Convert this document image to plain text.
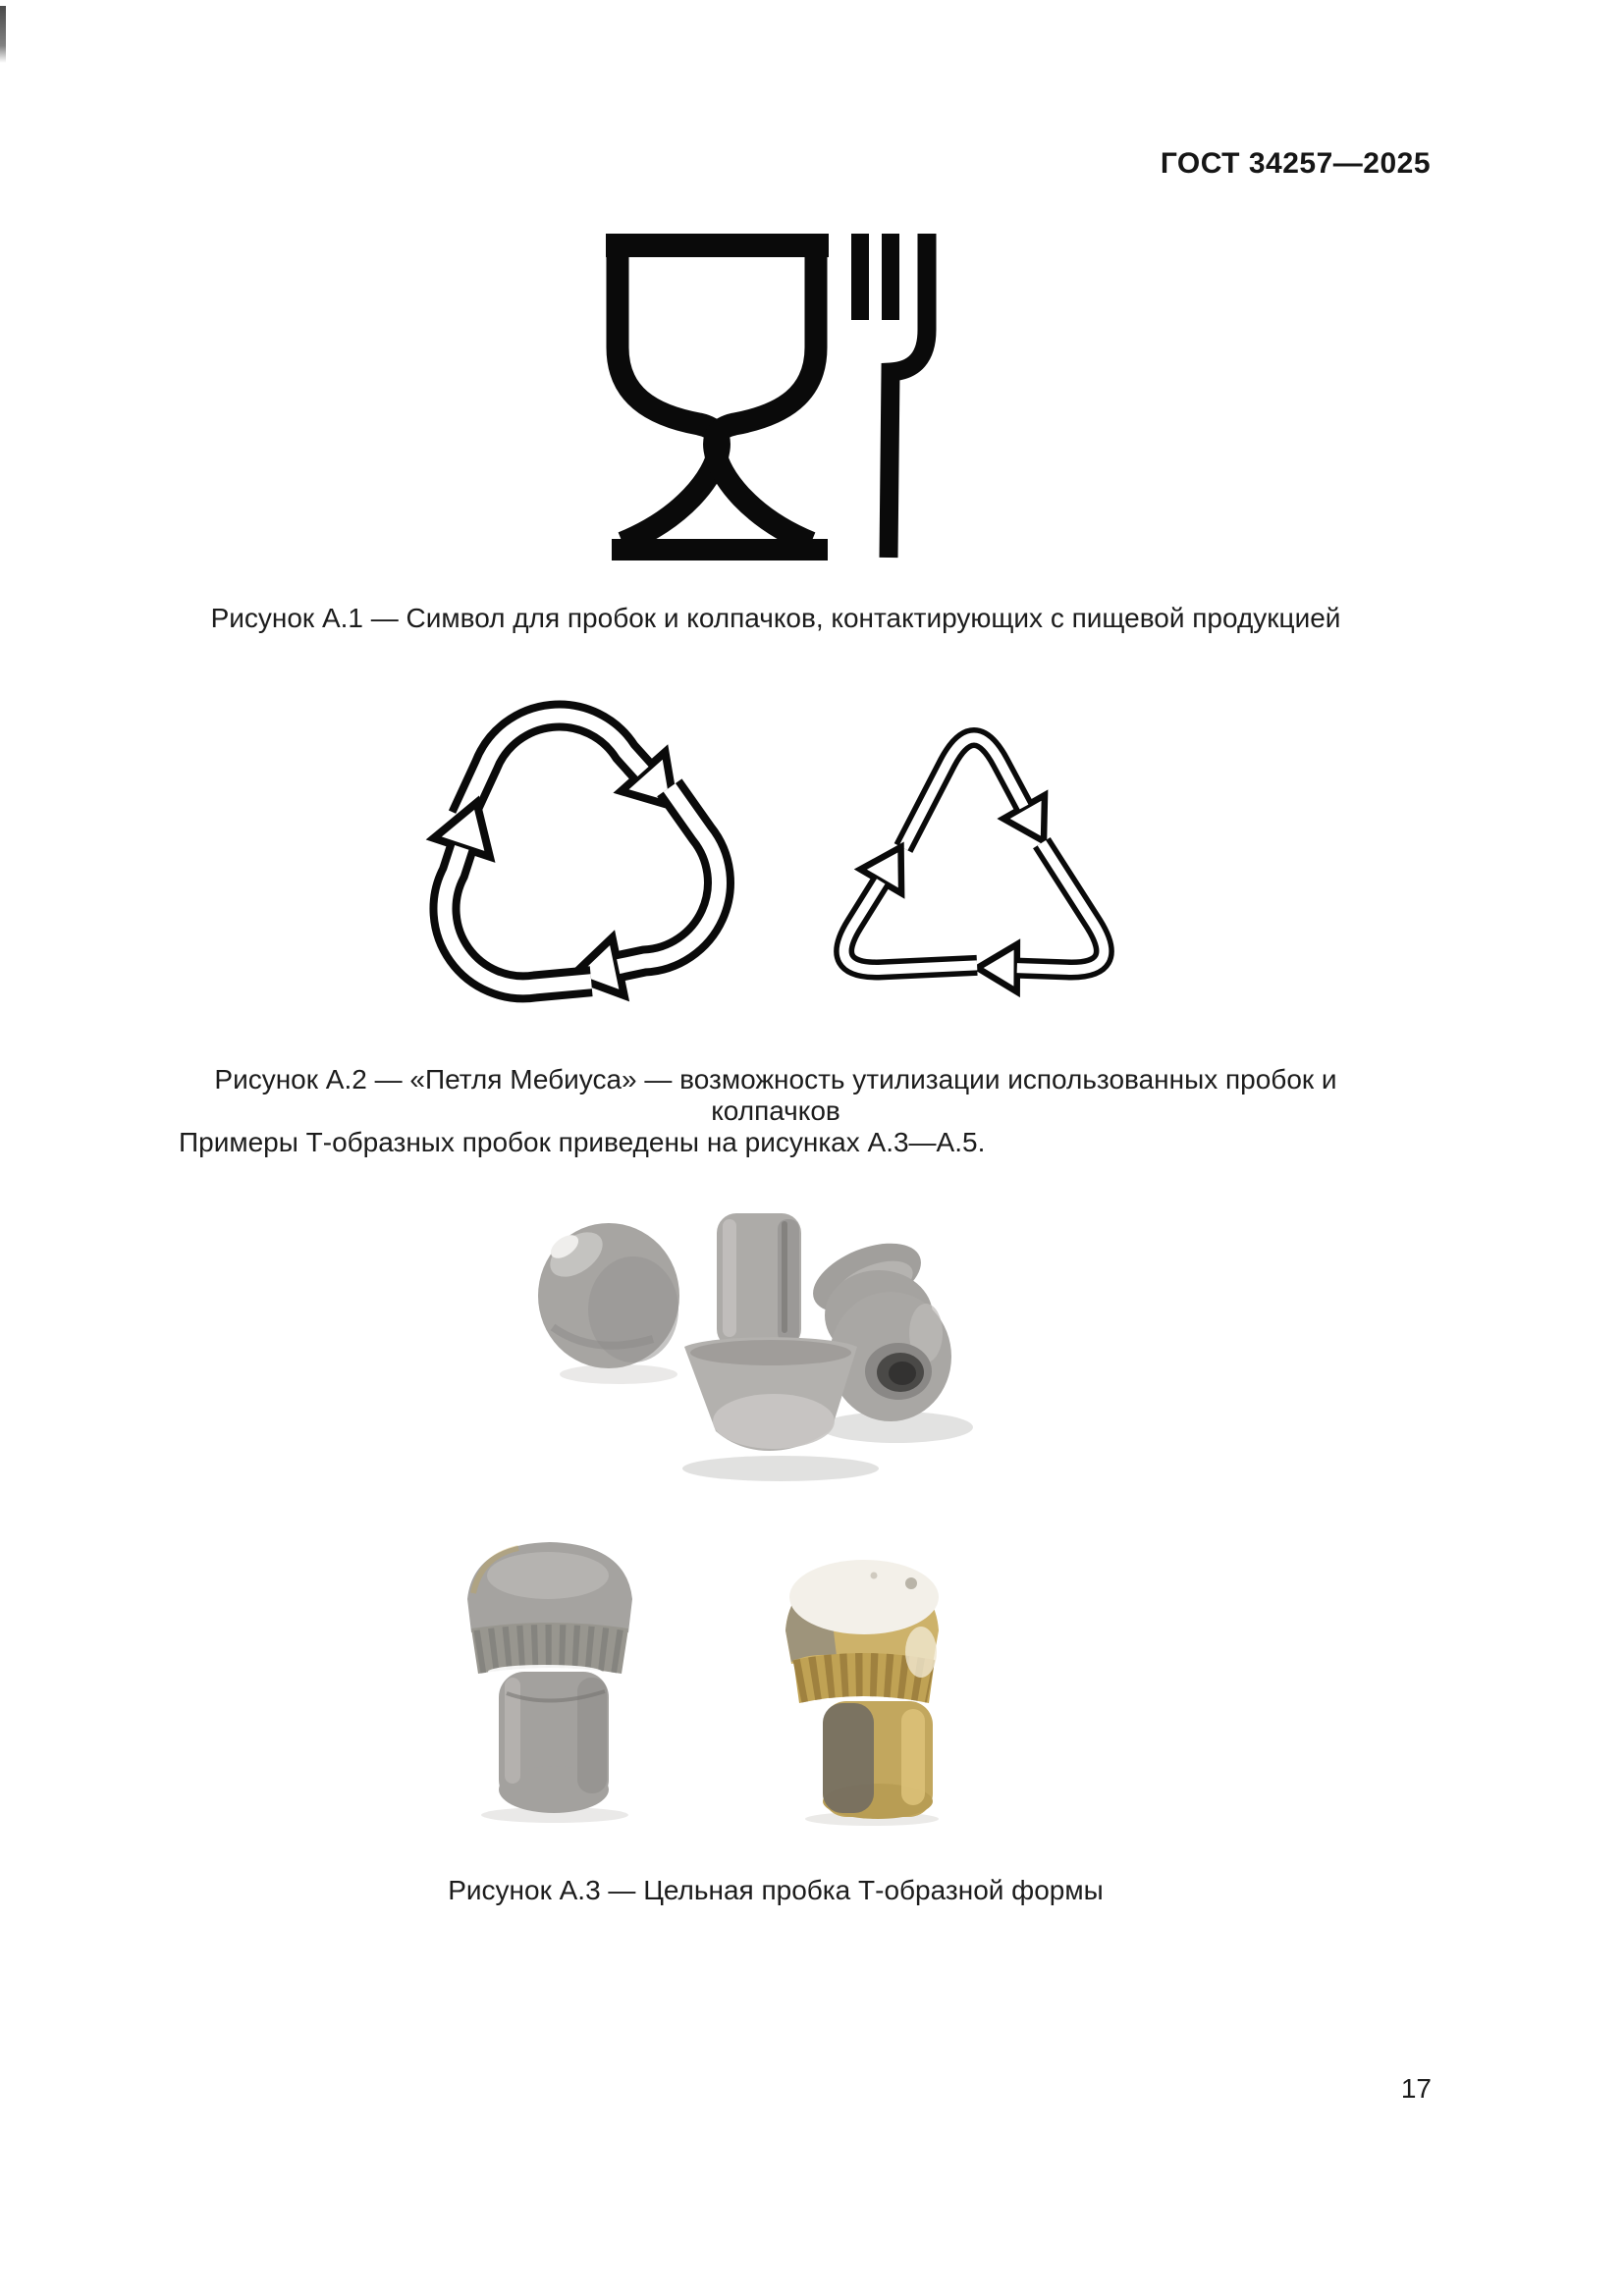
ГОСТ 34257—2025
Рисунок А.1 — Символ для пробок и колпачков, контактирующих с пищевой продукцией
Рисунок А.2 — «Петля Мебиуса» — возможность утилизации использованных пробок и колпачков
Примеры Т-образных пробок приведены на рисунках А.3—А.5.
Рисунок А.3 — Цельная пробка Т-образной формы
17
